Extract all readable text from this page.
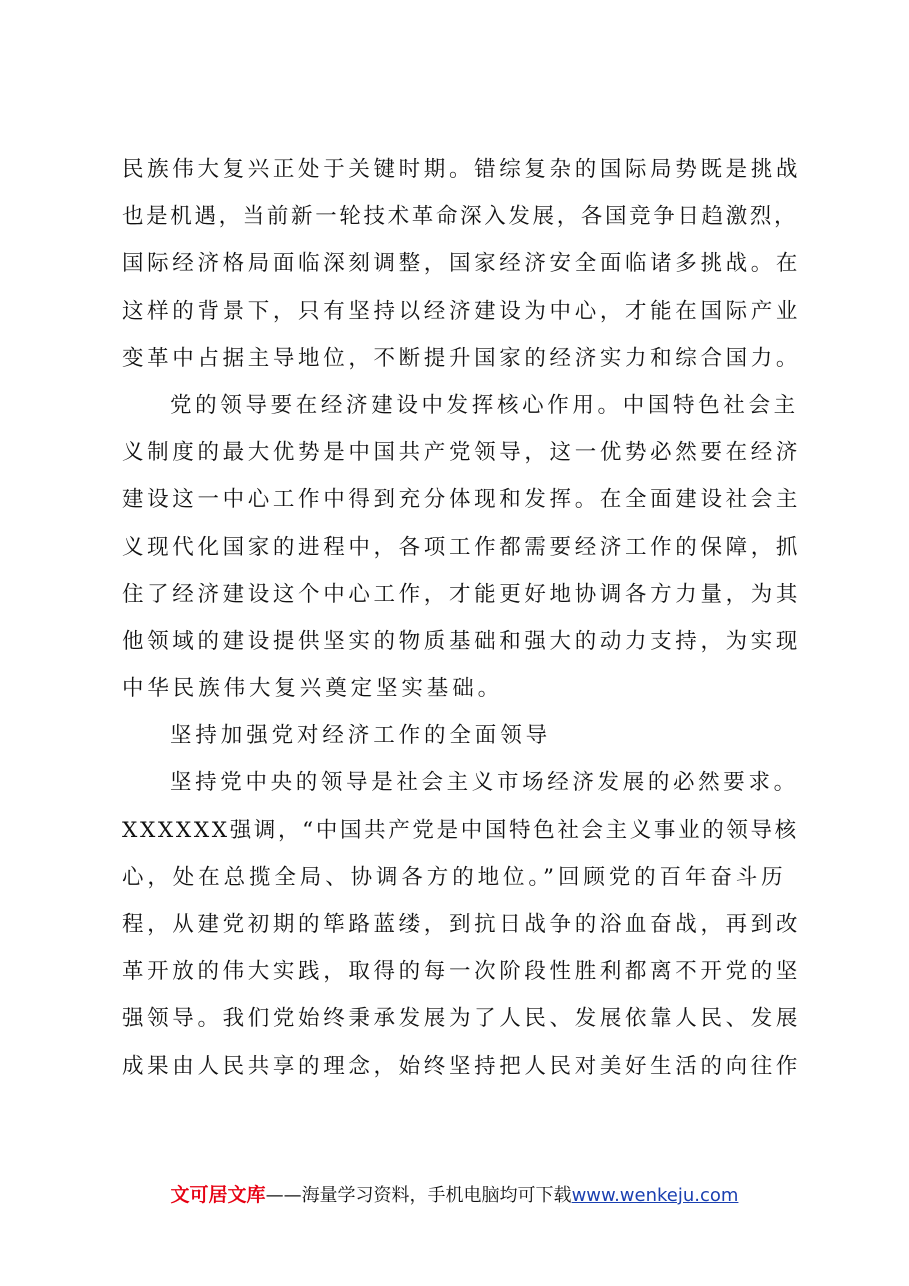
民族伟大复兴正处于关键时期。错综复杂的国际局势既是挑战
也是机遇，当前新一轮技术革命深入发展，各国竞争日趋激烈，
国际经济格局面临深刻调整，国家经济安全面临诸多挑战。在
这样的背景下，只有坚持以经济建设为中心，才能在国际产业
变革中占据主导地位，不断提升国家的经济实力和综合国力。
党的领导要在经济建设中发挥核心作用。中国特色社会主
义制度的最大优势是中国共产党领导，这一优势必然要在经济
建设这一中心工作中得到充分体现和发挥。在全面建设社会主
义现代化国家的进程中，各项工作都需要经济工作的保障，抓
住了经济建设这个中心工作，才能更好地协调各方力量，为其
他领域的建设提供坚实的物质基础和强大的动力支持，为实现
中华民族伟大复兴奠定坚实基础。
坚持加强党对经济工作的全面领导
坚持党中央的领导是社会主义市场经济发展的必然要求。
XXXXXX强调，“中国共产党是中国特色社会主义事业的领导核
心，处在总揽全局、协调各方的地位。”回顾党的百年奋斗历
程，从建党初期的筚路蓝缕，到抗日战争的浴血奋战，再到改
革开放的伟大实践，取得的每一次阶段性胜利都离不开党的坚
强领导。我们党始终秉承发展为了人民、发展依靠人民、发展
成果由人民共享的理念，始终坚持把人民对美好生活的向往作
文可居文库——海量学习资料，手机电脑均可下载www.wenkeju.com
